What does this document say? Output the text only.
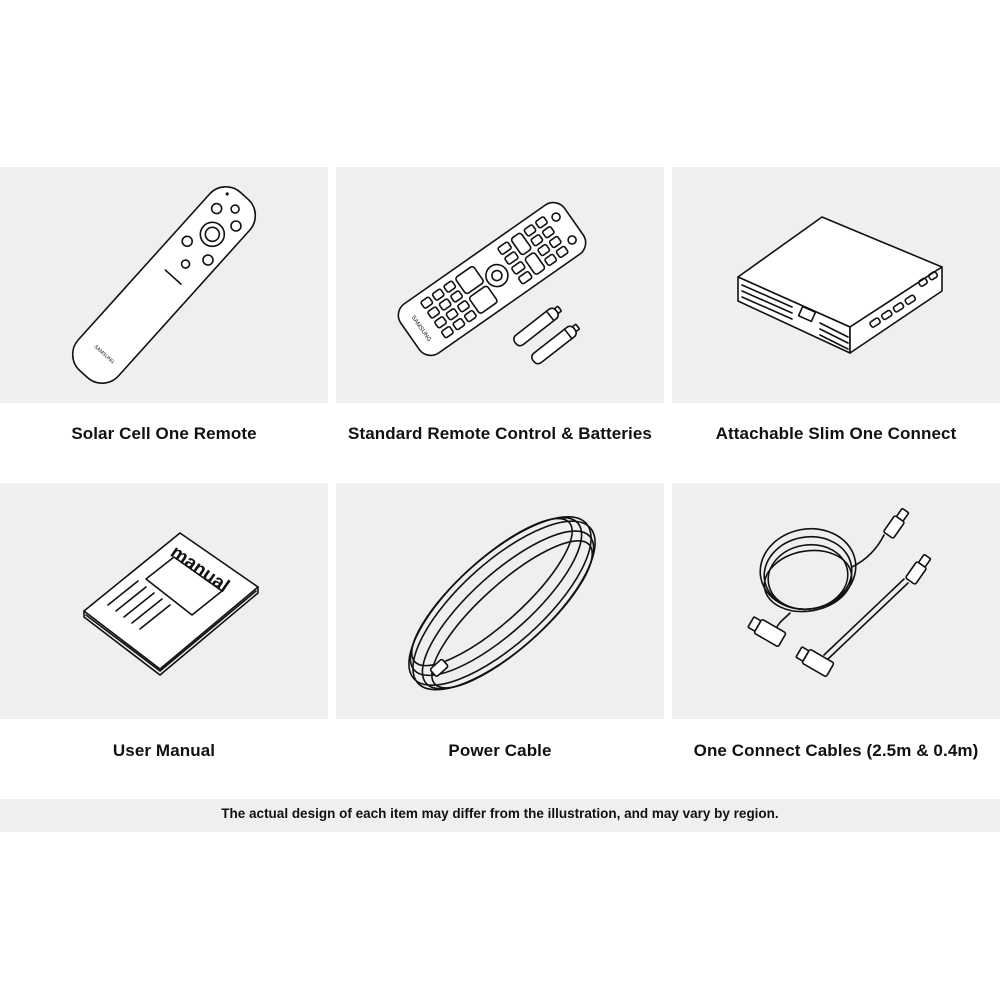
SAMSUNG
Solar Cell One Remote
SAMSUNG
Standard Remote Control & Batteries	Attachable Slim One Connect
manual
User Manual	Power Cable	One Connect Cables (2.5m & 0.4m)
The actual design of each item may differ from the illustration, and may vary by region.
